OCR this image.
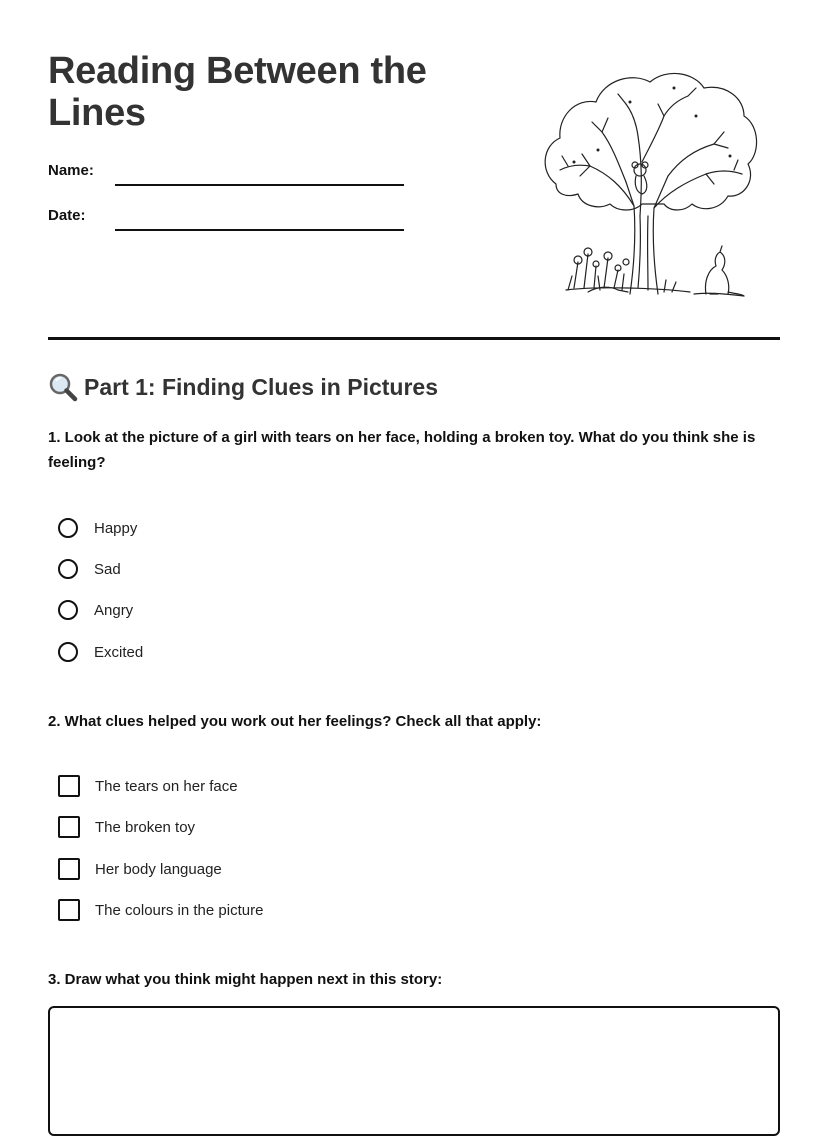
Reading Between the Lines
Name:
Date:
Part 1: Finding Clues in Pictures

1. Look at the picture of a girl with tears on her face, holding a broken toy. What do you think she is feeling?

Happy
Sad
Angry
Excited

2. What clues helped you work out her feelings? Check all that apply:

The tears on her face
The broken toy
Her body language
The colours in the picture

3. Draw what you think might happen next in this story:
